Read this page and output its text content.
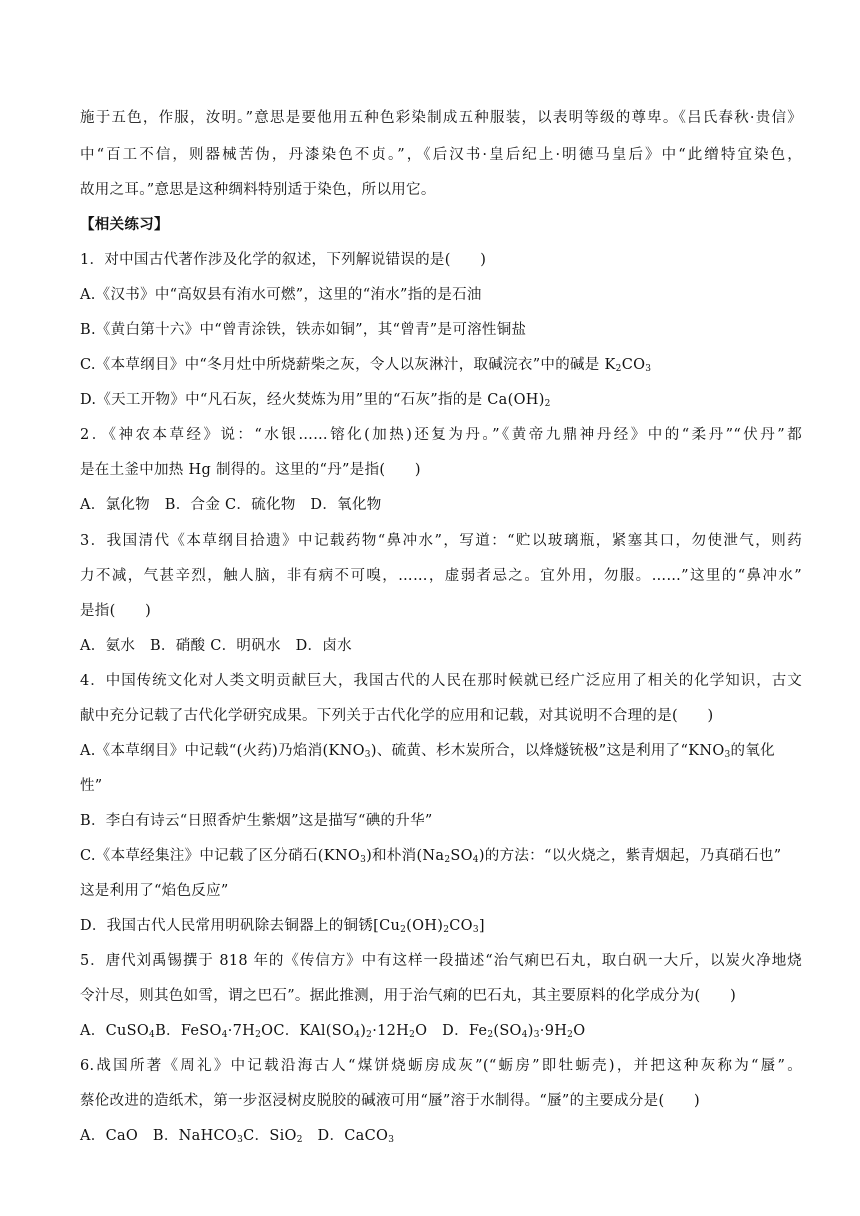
施于五色，作服，汝明。”意思是要他用五种色彩染制成五种服装，以表明等级的尊卑。《吕氏春秋·贵信》
中“百工不信，则器械苦伪，丹漆染色不贞。”，《后汉书·皇后纪上·明德马皇后》中“此缯特宜染色，
故用之耳。”意思是这种绸料特别适于染色，所以用它。
【相关练习】
1．对中国古代著作涉及化学的叙述，下列解说错误的是(　　)
A.《汉书》中“高奴县有洧水可燃”，这里的“洧水”指的是石油
B.《黄白第十六》中“曾青涂铁，铁赤如铜”，其“曾青”是可溶性铜盐
C.《本草纲目》中“冬月灶中所烧薪柴之灰，令人以灰淋汁，取碱浣衣”中的碱是 $K_2CO_3$
D.《天工开物》中“凡石灰，经火焚炼为用”里的“石灰”指的是 $Ca(OH)_2$
2．《神农本草经》说：“水银……镕化(加热)还复为丹。”《黄帝九鼎神丹经》中的“柔丹”“伏丹”都
是在土釜中加热 Hg 制得的。这里的“丹”是指(　　)
A．氯化物　B．合金 C．硫化物　D．氧化物
3．我国清代《本草纲目拾遗》中记载药物“鼻冲水”，写道：“贮以玻璃瓶，紧塞其口，勿使泄气，则药
力不减，气甚辛烈，触人脑，非有病不可嗅，……，虚弱者忌之。宜外用，勿服。……”这里的“鼻冲水”
是指(　　)
A．氨水　B．硝酸 C．明矾水　D．卤水
4．中国传统文化对人类文明贡献巨大，我国古代的人民在那时候就已经广泛应用了相关的化学知识，古文
献中充分记载了古代化学研究成果。下列关于古代化学的应用和记载，对其说明不合理的是(　　)
A.《本草纲目》中记载“(火药)乃焰消$(KNO_3)$、硫黄、杉木炭所合，以烽燧铳极”这是利用了“$KNO_3$的氧化
性”
B．李白有诗云“日照香炉生紫烟”这是描写“碘的升华”
C.《本草经集注》中记载了区分硝石$(KNO_3)$和朴消$(Na_2SO_4)$的方法：“以火烧之，紫青烟起，乃真硝石也”
这是利用了“焰色反应”
D．我国古代人民常用明矾除去铜器上的铜锈$[Cu_2(OH)_2CO_3]$
5．唐代刘禹锡撰于 818 年的《传信方》中有这样一段描述“治气痢巴石丸，取白矾一大斤，以炭火净地烧
令汁尽，则其色如雪，谓之巴石”。据此推测，用于治气痢的巴石丸，其主要原料的化学成分为(　　)
A．CuSO$_4$B．$FeSO_4\cdot 7H_2OC$．$KAl(SO_4)_2\cdot 12H_2O$　 D．$Fe_2(SO_4)_3\cdot 9H_2O$
6.战国所著《周礼》中记载沿海古人“煤饼烧蛎房成灰”(“蛎房”即牡蛎壳)，并把这种灰称为“蜃”。
蔡伦改进的造纸术，第一步沤浸树皮脱胶的碱液可用“蜃”溶于水制得。“蜃”的主要成分是(　　)
A．CaO　B．NaHCO$_3$C．SiO$_2$　D．CaCO$_3$
